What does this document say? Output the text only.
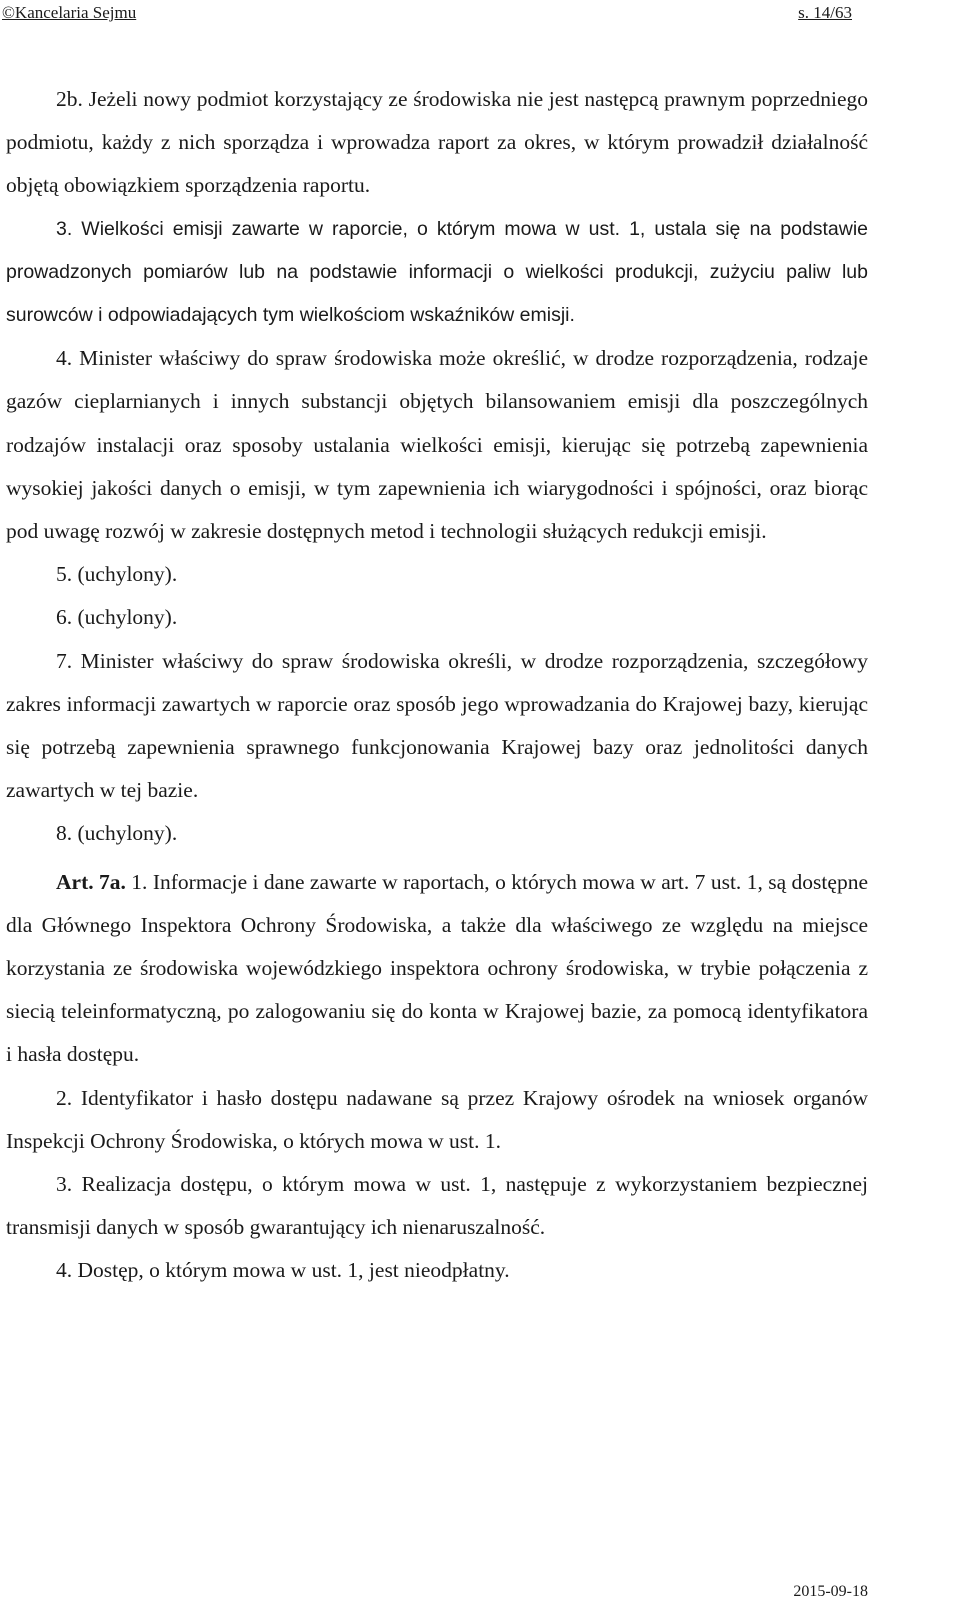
©Kancelaria Sejmu	s. 14/63

2b. Jeżeli nowy podmiot korzystający ze środowiska nie jest następcą prawnym poprzedniego podmiotu, każdy z nich sporządza i wprowadza raport za okres, w którym prowadził działalność objętą obowiązkiem sporządzenia raportu.

3. Wielkości emisji zawarte w raporcie, o którym mowa w ust. 1, ustala się na podstawie prowadzonych pomiarów lub na podstawie informacji o wielkości produkcji, zużyciu paliw lub surowców i odpowiadających tym wielkościom wskaźników emisji.

4. Minister właściwy do spraw środowiska może określić, w drodze rozporządzenia, rodzaje gazów cieplarnianych i innych substancji objętych bilansowaniem emisji dla poszczególnych rodzajów instalacji oraz sposoby ustalania wielkości emisji, kierując się potrzebą zapewnienia wysokiej jakości danych o emisji, w tym zapewnienia ich wiarygodności i spójności, oraz biorąc pod uwagę rozwój w zakresie dostępnych metod i technologii służących redukcji emisji.

5. (uchylony).

6. (uchylony).

7. Minister właściwy do spraw środowiska określi, w drodze rozporządzenia, szczegółowy zakres informacji zawartych w raporcie oraz sposób jego wprowadzania do Krajowej bazy, kierując się potrzebą zapewnienia sprawnego funkcjonowania Krajowej bazy oraz jednolitości danych zawartych w tej bazie.

8. (uchylony).

Art. 7a. 1. Informacje i dane zawarte w raportach, o których mowa w art. 7 ust. 1, są dostępne dla Głównego Inspektora Ochrony Środowiska, a także dla właściwego ze względu na miejsce korzystania ze środowiska wojewódzkiego inspektora ochrony środowiska, w trybie połączenia z siecią teleinformatyczną, po zalogowaniu się do konta w Krajowej bazie, za pomocą identyfikatora i hasła dostępu.

2. Identyfikator i hasło dostępu nadawane są przez Krajowy ośrodek na wniosek organów Inspekcji Ochrony Środowiska, o których mowa w ust. 1.

3. Realizacja dostępu, o którym mowa w ust. 1, następuje z wykorzystaniem bezpiecznej transmisji danych w sposób gwarantujący ich nienaruszalność.

4. Dostęp, o którym mowa w ust. 1, jest nieodpłatny.

2015-09-18
